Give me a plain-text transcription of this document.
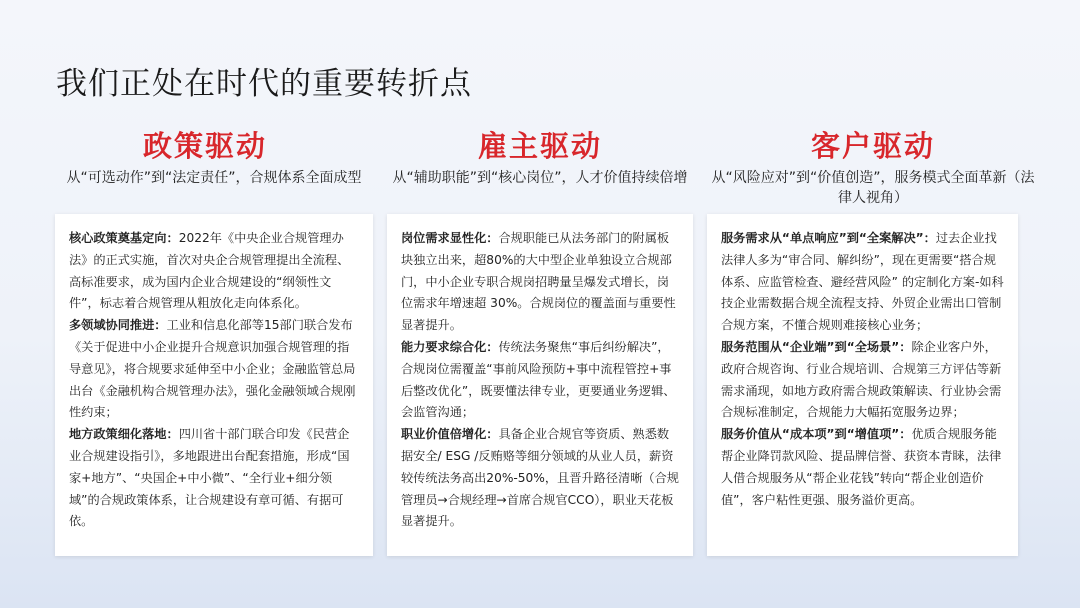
我们正处在时代的重要转折点
政策驱动
从“可选动作”到“法定责任”，合规体系全面成型
雇主驱动
从“辅助职能”到“核心岗位”，人才价值持续倍增
客户驱动
从“风险应对”到“价值创造”，服务模式全面革新（法律人视角）

核心政策奠基定向：2022年《中央企业合规管理办法》的正式实施，首次对央企合规管理提出全流程、高标准要求，成为国内企业合规建设的“纲领性文件”，标志着合规管理从粗放化走向体系化。

多领域协同推进：工业和信息化部等15部门联合发布《关于促进中小企业提升合规意识加强合规管理的指导意见》，将合规要求延伸至中小企业；金融监管总局出台《金融机构合规管理办法》，强化金融领域合规刚性约束；

地方政策细化落地：四川省十部门联合印发《民营企业合规建设指引》，多地跟进出台配套措施，形成“国家+地方”、“央国企+中小微”、“全行业+细分领域”的合规政策体系，让合规建设有章可循、有据可依。

岗位需求显性化：合规职能已从法务部门的附属板块独立出来，超80%的大中型企业单独设立合规部门，中小企业专职合规岗招聘量呈爆发式增长，岗位需求年增速超 30%。合规岗位的覆盖面与重要性显著提升。

能力要求综合化：传统法务聚焦“事后纠纷解决”，合规岗位需覆盖“事前风险预防+事中流程管控+事后整改优化”，既要懂法律专业，更要通业务逻辑、会监管沟通；

职业价值倍增化：具备企业合规官等资质、熟悉数据安全/ ESG /反贿赂等细分领域的从业人员，薪资较传统法务高出20%-50%，且晋升路径清晰（合规管理员→合规经理→首席合规官CCO），职业天花板显著提升。

服务需求从“单点响应”到“全案解决”：过去企业找法律人多为“审合同、解纠纷”，现在更需要“搭合规体系、应监管检查、避经营风险” 的定制化方案-如科技企业需数据合规全流程支持、外贸企业需出口管制合规方案，不懂合规则难接核心业务；

服务范围从“企业端”到“全场景”：除企业客户外，政府合规咨询、行业合规培训、合规第三方评估等新需求涌现，如地方政府需合规政策解读、行业协会需合规标准制定，合规能力大幅拓宽服务边界；

服务价值从“成本项”到“增值项”：优质合规服务能帮企业降罚款风险、提品牌信誉、获资本青睐，法律人借合规服务从“帮企业花钱”转向“帮企业创造价值”，客户粘性更强、服务溢价更高。
